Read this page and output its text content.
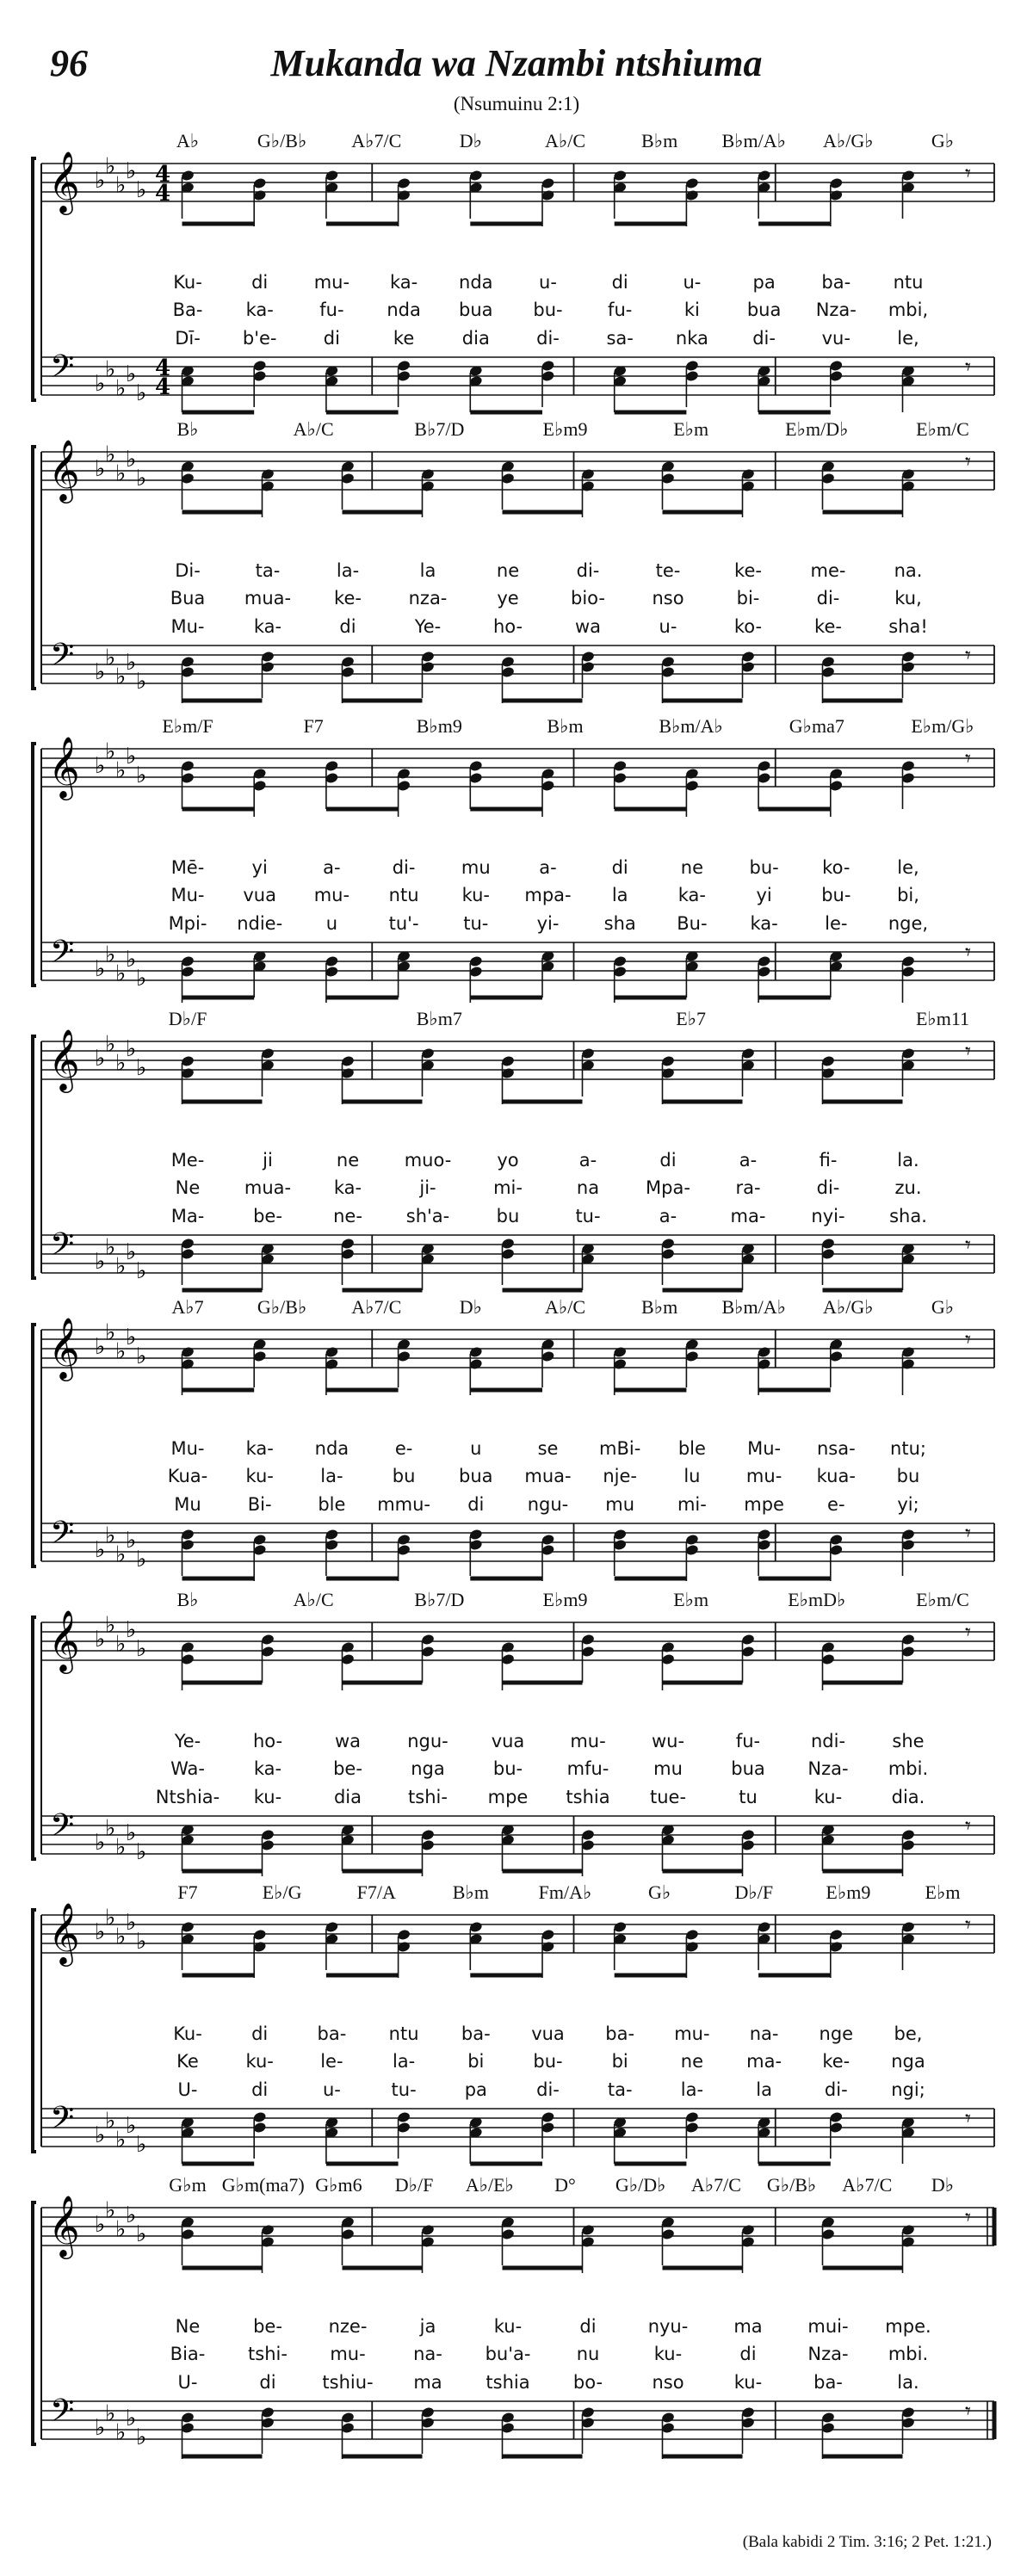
96	Mukanda wa Nzambi ntshiuma
(Nsumuinu 2:1)
𝄞
𝄢
♭
♭
♭
♭
♭
♭
♭
♭
♭
♭
4
4
4
4
𝄾
𝄾
A♭	G♭/B♭ A♭7/C	D♭	A♭/C	B♭m B♭m/A♭ A♭/G♭	G♭
Ku-	di	mu- ka- nda	u-	di	u-	pa	ba- ntu
Ba- ka-	fu- nda bua bu- fu-	ki	bua Nza- mbi,
Dī- b'e-	di	ke	dia	di-	sa- nka di-	vu-	le,
𝄞
𝄢
♭
♭
♭
♭
♭
♭
♭
♭
♭
♭
𝄾
𝄾
B♭	A♭/C	B♭7/D	E♭m9	E♭m	E♭m/D♭	E♭m/C
Di-	ta-	la-	la	ne	di-	te-	ke-	me-	na.
Bua mua- ke-	nza-	ye	bio-	nso	bi-	di-	ku,
Mu-	ka-	di	Ye-	ho-	wa	u-	ko-	ke-	sha!
𝄞
𝄢
♭
♭
♭
♭
♭
♭
♭
♭
♭
♭
𝄾
𝄾
E♭m/F	F7	B♭m9	B♭m	B♭m/A♭	G♭ma7	E♭m/G♭
Mē-	yi	a-	di-	mu	a-	di	ne	bu- ko-	le,
Mu- vua mu- ntu ku- mpa- la	ka-	yi	bu-	bi,
Mpi- ndie- u	tu'- tu-	yi- sha Bu- ka-	le- nge,
𝄞
𝄢
♭
♭
♭
♭
♭
♭
♭
♭
♭
♭
𝄾
𝄾
D♭/F	B♭m7	E♭7	E♭m11
Me-	ji	ne	muo-	yo	a-	di	a-	fi-	la.
Ne mua- ka-	ji-	mi-	na	Mpa-	ra-	di-	zu.
Ma-	be-	ne- sh'a-	bu	tu-	a-	ma-	nyi- sha.
𝄞
𝄢
♭
♭
♭
♭
♭
♭
♭
♭
♭
♭
𝄾
𝄾
A♭7	G♭/B♭ A♭7/C	D♭	A♭/C	B♭m B♭m/A♭ A♭/G♭	G♭
Mu- ka- nda	e-	u	se mBi- ble Mu- nsa- ntu;
Kua- ku-	la-	bu bua mua- nje-	lu	mu- kua- bu
Mu	Bi-	ble mmu- di ngu- mu mi- mpe e-	yi;
𝄞
𝄢
♭
♭
♭
♭
♭
♭
♭
♭
♭
♭
𝄾
𝄾
B♭	A♭/C	B♭7/D	E♭m9	E♭m	E♭mD♭	E♭m/C
Ye-	ho-	wa	ngu- vua	mu-	wu-	fu-	ndi-	she
Wa-	ka-	be-	nga	bu- mfu- mu	bua Nza- mbi.
Ntshia- ku-	dia	tshi- mpe tshia tue-	tu	ku-	dia.
𝄞
𝄢
♭
♭
♭
♭
♭
♭
♭
♭
♭
♭
𝄾
𝄾
F7	E♭/G	F7/A	B♭m	Fm/A♭	G♭	D♭/F	E♭m9	E♭m
Ku-	di	ba- ntu ba- vua ba- mu- na- nge be,
Ke	ku-	le-	la-	bi	bu-	bi	ne ma- ke- nga
U-	di	u-	tu-	pa	di-	ta-	la-	la	di- ngi;
𝄞
𝄢
♭
♭
♭
♭
♭
♭
♭
♭
♭
♭
𝄾
𝄾
G♭m G♭m(ma7) G♭m6 D♭/F A♭/E♭ D° G♭/D♭ A♭7/C G♭/B♭ A♭7/C D♭
Ne	be-	nze-	ja	ku-	di	nyu-	ma	mui- mpe.
Bia- tshi- mu-	na- bu'a-	nu	ku-	di	Nza- mbi.
U-	di	tshiu- ma tshia bo-	nso	ku-	ba-	la.
(Bala kabidi 2 Tim. 3:16; 2 Pet. 1:21.)
